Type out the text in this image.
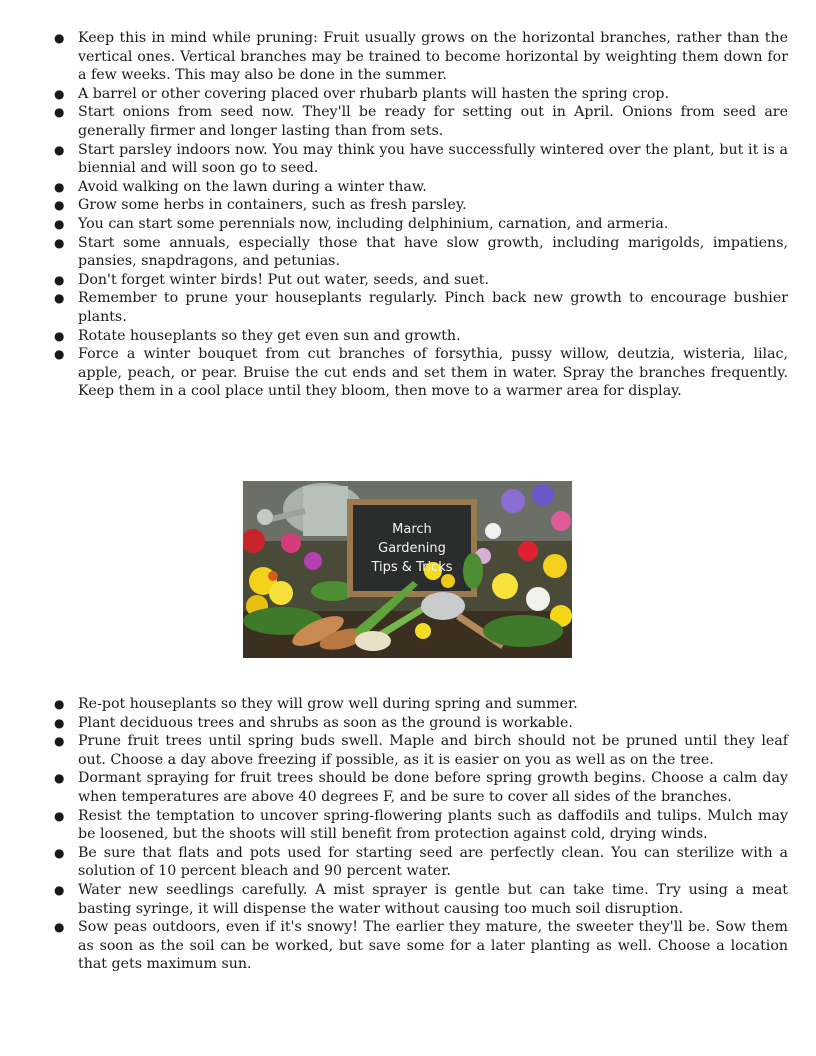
● Keep this in mind while pruning: Fruit usually grows on the horizontal branches, rather than the vertical ones. Vertical branches may be trained to become horizontal by weighting them down for a few weeks. This may also be done in the summer.
● A barrel or other covering placed over rhubarb plants will hasten the spring crop.
● Start onions from seed now. They'll be ready for setting out in April. Onions from seed are generally firmer and longer lasting than from sets.
● Start parsley indoors now. You may think you have successfully wintered over the plant, but it is a biennial and will soon go to seed.
● Avoid walking on the lawn during a winter thaw.
● Grow some herbs in containers, such as fresh parsley.
● You can start some perennials now, including delphinium, carnation, and armeria.
● Start some annuals, especially those that have slow growth, including marigolds, impatiens, pansies, snapdragons, and petunias.
● Don't forget winter birds! Put out water, seeds, and suet.
● Remember to prune your houseplants regularly. Pinch back new growth to encourage bushier plants.
● Rotate houseplants so they get even sun and growth.
● Force a winter bouquet from cut branches of forsythia, pussy willow, deutzia, wisteria, lilac, apple, peach, or pear. Bruise the cut ends and set them in water. Spray the branches frequently. Keep them in a cool place until they bloom, then move to a warmer area for display.
March
Gardening
Tips & Tricks
● Re-pot houseplants so they will grow well during spring and summer.
● Plant deciduous trees and shrubs as soon as the ground is workable.
● Prune fruit trees until spring buds swell. Maple and birch should not be pruned until they leaf out. Choose a day above freezing if possible, as it is easier on you as well as on the tree.
● Dormant spraying for fruit trees should be done before spring growth begins. Choose a calm day when temperatures are above 40 degrees F, and be sure to cover all sides of the branches.
● Resist the temptation to uncover spring-flowering plants such as daffodils and tulips. Mulch may be loosened, but the shoots will still benefit from protection against cold, drying winds.
● Be sure that flats and pots used for starting seed are perfectly clean. You can sterilize with a solution of 10 percent bleach and 90 percent water.
● Water new seedlings carefully. A mist sprayer is gentle but can take time. Try using a meat basting syringe, it will dispense the water without causing too much soil disruption.
● Sow peas outdoors, even if it's snowy! The earlier they mature, the sweeter they'll be. Sow them as soon as the soil can be worked, but save some for a later planting as well. Choose a location that gets maximum sun.
